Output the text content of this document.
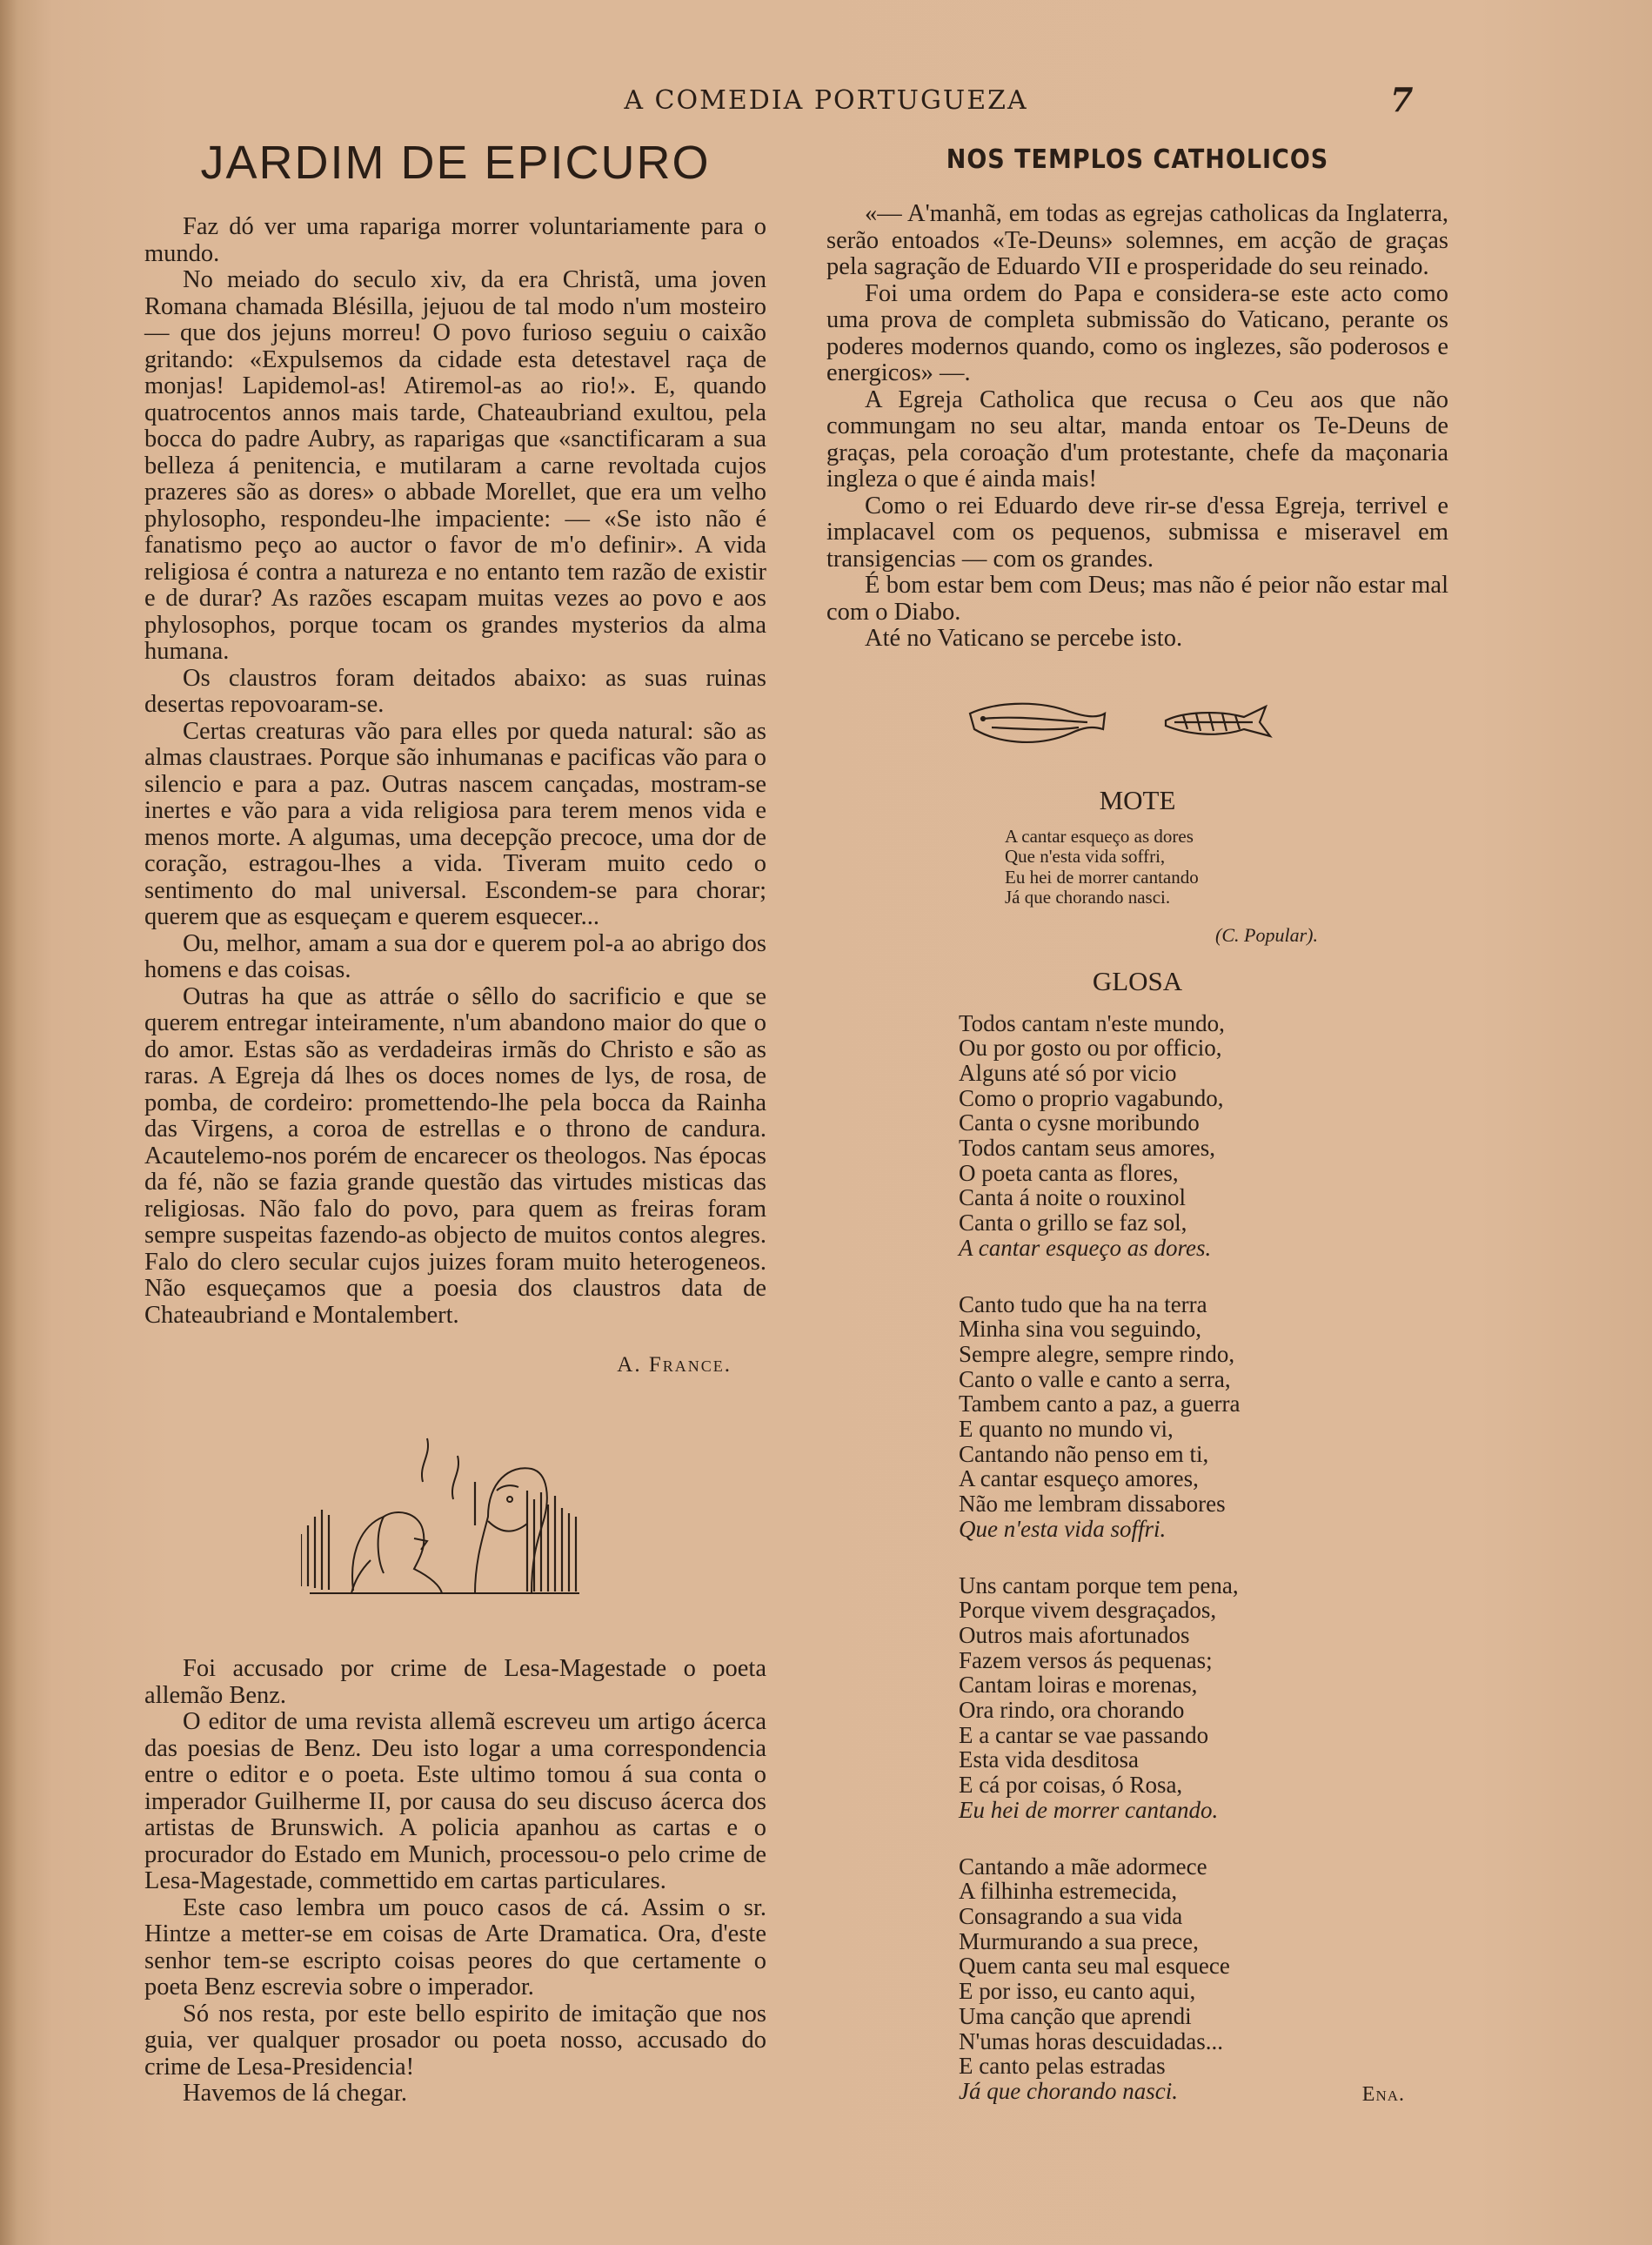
A COMEDIA PORTUGUEZA	7
JARDIM DE EPICURO

Faz dó ver uma rapariga morrer voluntariamente para o mundo.

No meiado do seculo xiv, da era Christã, uma joven Romana chamada Blésilla, jejuou de tal modo n'um mosteiro — que dos jejuns morreu! O povo furioso seguiu o caixão gritando: «Expulsemos da cidade esta detestavel raça de monjas! Lapidemol-as! Atiremol-as ao rio!». E, quando quatrocentos annos mais tarde, Chateaubriand exultou, pela bocca do padre Aubry, as raparigas que «sanctificaram a sua belleza á penitencia, e mutilaram a carne revoltada cujos prazeres são as dores» o abbade Morellet, que era um velho phylosopho, respondeu-lhe impaciente: — «Se isto não é fanatismo peço ao auctor o favor de m'o definir». A vida religiosa é contra a natureza e no entanto tem razão de existir e de durar? As razões escapam muitas vezes ao povo e aos phylosophos, porque tocam os grandes mysterios da alma humana.

Os claustros foram deitados abaixo: as suas ruinas desertas repovoaram-se.

Certas creaturas vão para elles por queda natural: são as almas claustraes. Porque são inhumanas e pacificas vão para o silencio e para a paz. Outras nascem cançadas, mostram-se inertes e vão para a vida religiosa para terem menos vida e menos morte. A algumas, uma decepção precoce, uma dor de coração, estragou-lhes a vida. Tiveram muito cedo o sentimento do mal universal. Escondem-se para chorar; querem que as esqueçam e querem esquecer...

Ou, melhor, amam a sua dor e querem pol-a ao abrigo dos homens e das coisas.

Outras ha que as attráe o sêllo do sacrificio e que se querem entregar inteiramente, n'um abandono maior do que o do amor. Estas são as verdadeiras irmãs do Christo e são as raras. A Egreja dá lhes os doces nomes de lys, de rosa, de pomba, de cordeiro: promettendo-lhe pela bocca da Rainha das Virgens, a coroa de estrellas e o throno de candura. Acautelemo-nos porém de encarecer os theologos. Nas épocas da fé, não se fazia grande questão das virtudes misticas das religiosas. Não falo do povo, para quem as freiras foram sempre suspeitas fazendo-as objecto de muitos contos alegres. Falo do clero secular cujos juizes foram muito heterogeneos. Não esqueçamos que a poesia dos claustros data de Chateaubriand e Montalembert.

A. France.

Foi accusado por crime de Lesa-Magestade o poeta allemão Benz.

O editor de uma revista allemã escreveu um artigo ácerca das poesias de Benz. Deu isto logar a uma correspondencia entre o editor e o poeta. Este ultimo tomou á sua conta o imperador Guilherme II, por causa do seu discuso ácerca dos artistas de Brunswich. A policia apanhou as cartas e o procurador do Estado em Munich, processou-o pelo crime de Lesa-Magestade, commettido em cartas particulares.

Este caso lembra um pouco casos de cá. Assim o sr. Hintze a metter-se em coisas de Arte Dramatica. Ora, d'este senhor tem-se escripto coisas peores do que certamente o poeta Benz escrevia sobre o imperador.

Só nos resta, por este bello espirito de imitação que nos guia, ver qualquer prosador ou poeta nosso, accusado do crime de Lesa-Presidencia!

Havemos de lá chegar.

NOS TEMPLOS CATHOLICOS

«— A'manhã, em todas as egrejas catholicas da Inglaterra, serão entoados «Te-Deuns» solemnes, em acção de graças pela sagração de Eduardo VII e prosperidade do seu reinado.

Foi uma ordem do Papa e considera-se este acto como uma prova de completa submissão do Vaticano, perante os poderes modernos quando, como os inglezes, são poderosos e energicos» —.

A Egreja Catholica que recusa o Ceu aos que não commungam no seu altar, manda entoar os Te-Deuns de graças, pela coroação d'um protestante, chefe da maçonaria ingleza o que é ainda mais!

Como o rei Eduardo deve rir-se d'essa Egreja, terrivel e implacavel com os pequenos, submissa e miseravel em transigencias — com os grandes.

É bom estar bem com Deus; mas não é peior não estar mal com o Diabo.

Até no Vaticano se percebe isto.

MOTE
A cantar esqueço as dores
Que n'esta vida soffri,
Eu hei de morrer cantando
Já que chorando nasci.
(C. Popular).
GLOSA
Todos cantam n'este mundo,
Ou por gosto ou por officio,
Alguns até só por vicio
Como o proprio vagabundo,
Canta o cysne moribundo
Todos cantam seus amores,
O poeta canta as flores,
Canta á noite o rouxinol
Canta o grillo se faz sol,
A cantar esqueço as dores.
Canto tudo que ha na terra
Minha sina vou seguindo,
Sempre alegre, sempre rindo,
Canto o valle e canto a serra,
Tambem canto a paz, a guerra
E quanto no mundo vi,
Cantando não penso em ti,
A cantar esqueço amores,
Não me lembram dissabores
Que n'esta vida soffri.
Uns cantam porque tem pena,
Porque vivem desgraçados,
Outros mais afortunados
Fazem versos ás pequenas;
Cantam loiras e morenas,
Ora rindo, ora chorando
E a cantar se vae passando
Esta vida desditosa
E cá por coisas, ó Rosa,
Eu hei de morrer cantando.
Cantando a mãe adormece
A filhinha estremecida,
Consagrando a sua vida
Murmurando a sua prece,
Quem canta seu mal esquece
E por isso, eu canto aqui,
Uma canção que aprendi
N'umas horas descuidadas...
E canto pelas estradas
Já que chorando nasci.	Ena.
